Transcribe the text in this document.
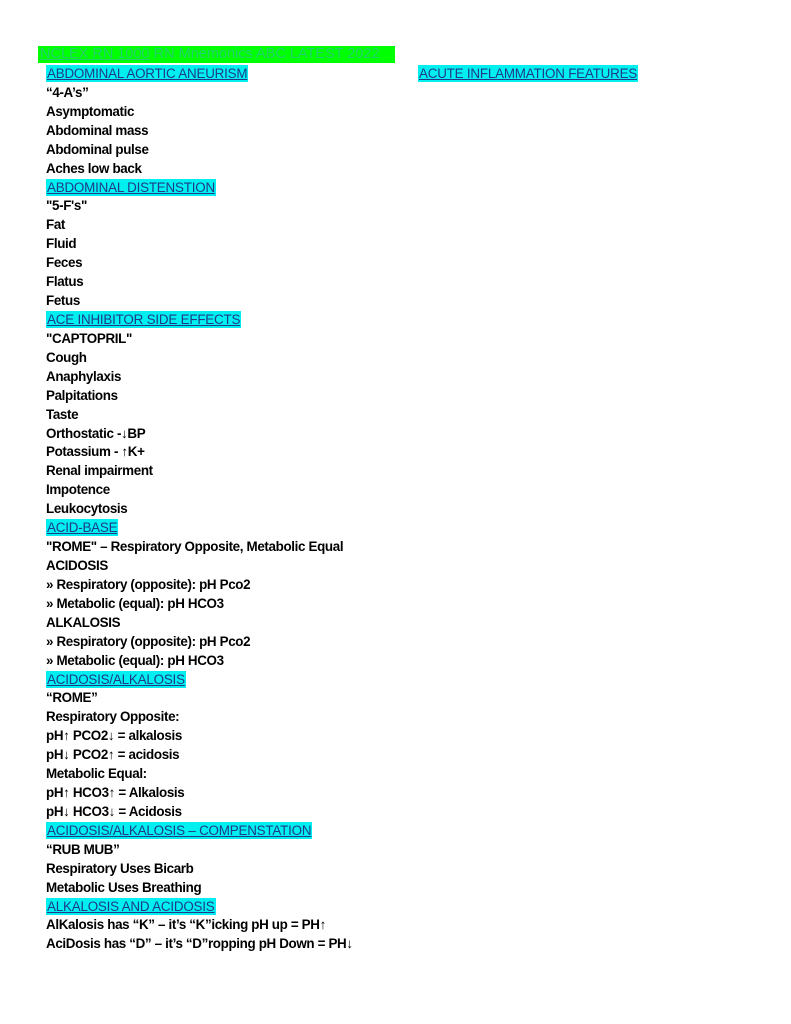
NCLEX RN 1000 RN Mnemonics ABC LATEST 2022
ABDOMINAL AORTIC ANEURISM
“4-A’s”
Asymptomatic
Abdominal mass
Abdominal pulse
Aches low back
ABDOMINAL DISTENSTION
"5-F's"
Fat
Fluid
Feces
Flatus
Fetus
ACE INHIBITOR SIDE EFFECTS
"CAPTOPRIL"
Cough
Anaphylaxis
Palpitations
Taste
Orthostatic -↓BP
Potassium - ↑K+
Renal impairment
Impotence
Leukocytosis
ACID-BASE
"ROME" – Respiratory Opposite, Metabolic Equal
ACIDOSIS
» Respiratory (opposite): pH Pco2
» Metabolic (equal): pH HCO3
ALKALOSIS
» Respiratory (opposite): pH Pco2
» Metabolic (equal): pH HCO3
ACIDOSIS/ALKALOSIS
“ROME”
Respiratory Opposite:
pH↑ PCO2↓ = alkalosis
pH↓ PCO2↑ = acidosis
Metabolic Equal:
pH↑ HCO3↑ = Alkalosis
pH↓ HCO3↓ = Acidosis
ACIDOSIS/ALKALOSIS – COMPENSTATION
“RUB MUB”
Respiratory Uses Bicarb
Metabolic Uses Breathing
ALKALOSIS AND ACIDOSIS
AlKalosis has “K” – it’s “K”icking pH up = PH↑
AciDosis has “D” – it’s “D”ropping pH Down = PH↓
ACUTE INFLAMMATION FEATURES
